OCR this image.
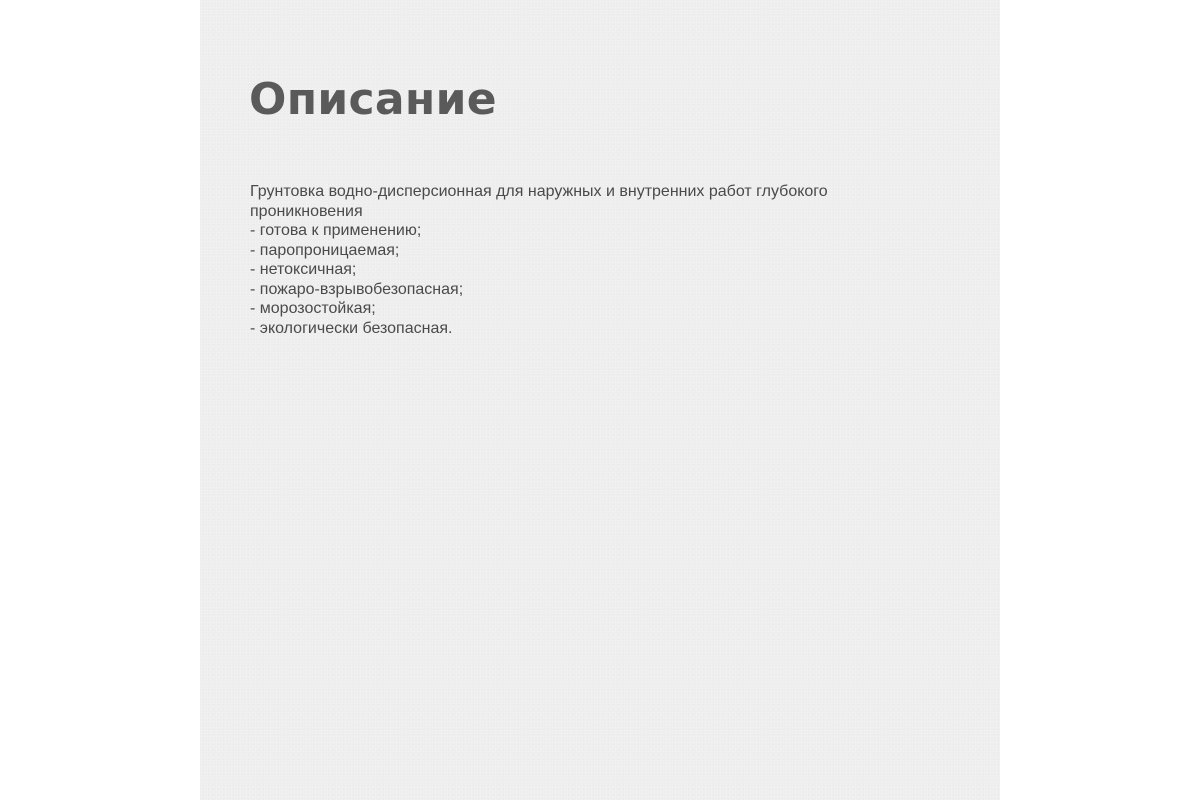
Описание
Грунтовка водно-дисперсионная для наружных и внутренних работ глубокого
проникновения
- готова к применению;
- паропроницаемая;
- нетоксичная;
- пожаро-взрывобезопасная;
- морозостойкая;
- экологически безопасная.
